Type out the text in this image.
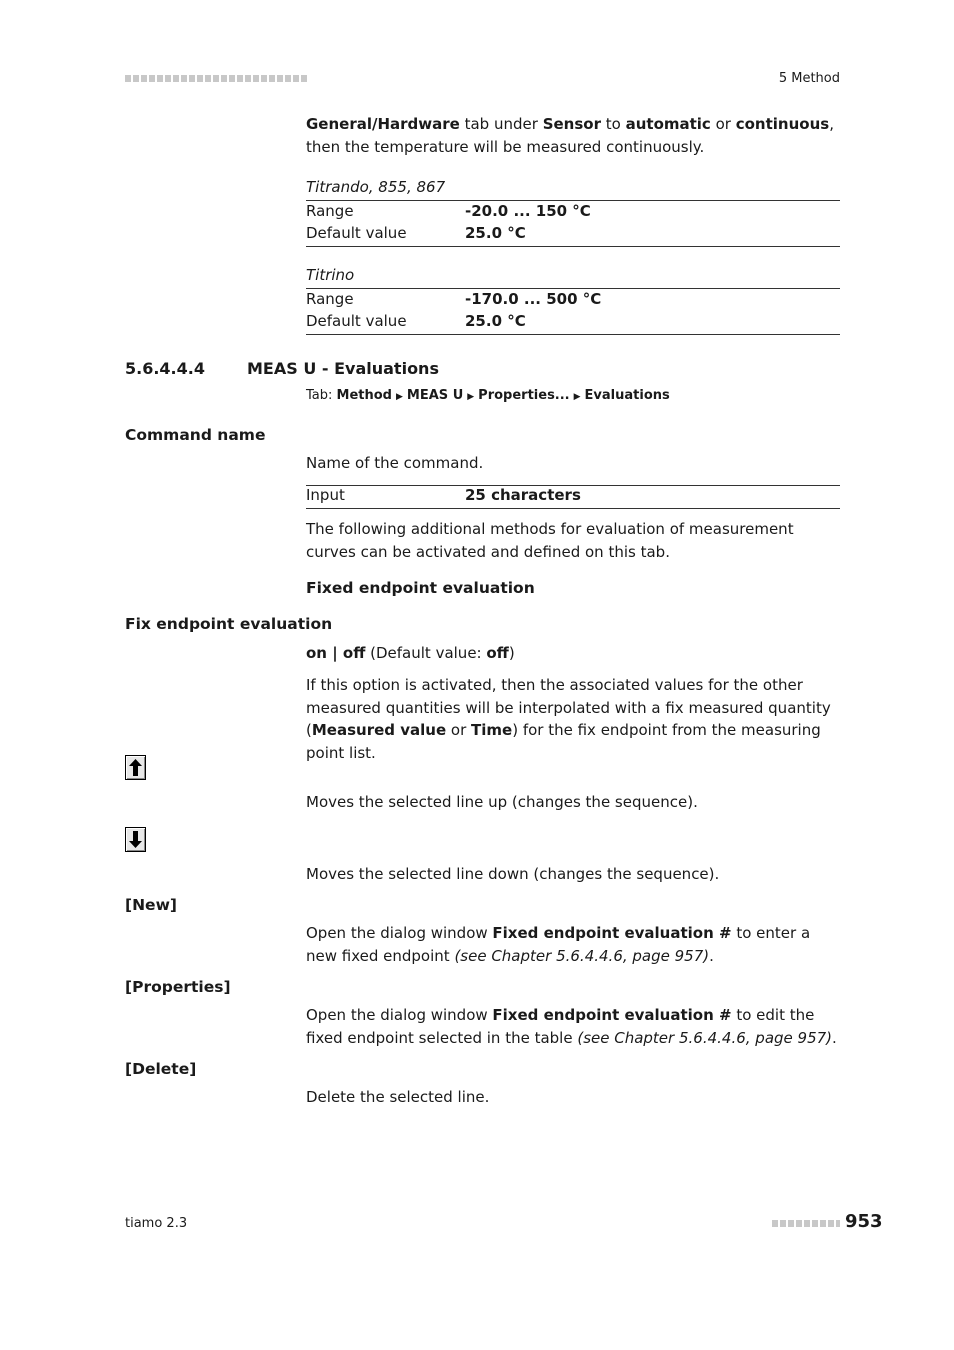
5 Method
General/Hardware tab under Sensor to automatic or continuous, then the temperature will be measured continuously.
Titrando, 855, 867
Range	-20.0 ... 150 °C
Default value	25.0 °C
Titrino
Range	-170.0 ... 500 °C
Default value	25.0 °C
5.6.4.4.4	MEAS U - Evaluations
Tab: Method ▶ MEAS U ▶ Properties... ▶ Evaluations
Command name
Name of the command.
Input	25 characters
The following additional methods for evaluation of measurement curves can be activated and defined on this tab.
Fixed endpoint evaluation
Fix endpoint evaluation
on | off (Default value: off)
If this option is activated, then the associated values for the other measured quantities will be interpolated with a fix measured quantity (Measured value or Time) for the fix endpoint from the measuring point list.
Moves the selected line up (changes the sequence).
Moves the selected line down (changes the sequence).
[New]
Open the dialog window Fixed endpoint evaluation # to enter a new fixed endpoint (see Chapter 5.6.4.4.6, page 957).
[Properties]
Open the dialog window Fixed endpoint evaluation # to edit the fixed endpoint selected in the table (see Chapter 5.6.4.4.6, page 957).
[Delete]
Delete the selected line.
tiamo 2.3	953
